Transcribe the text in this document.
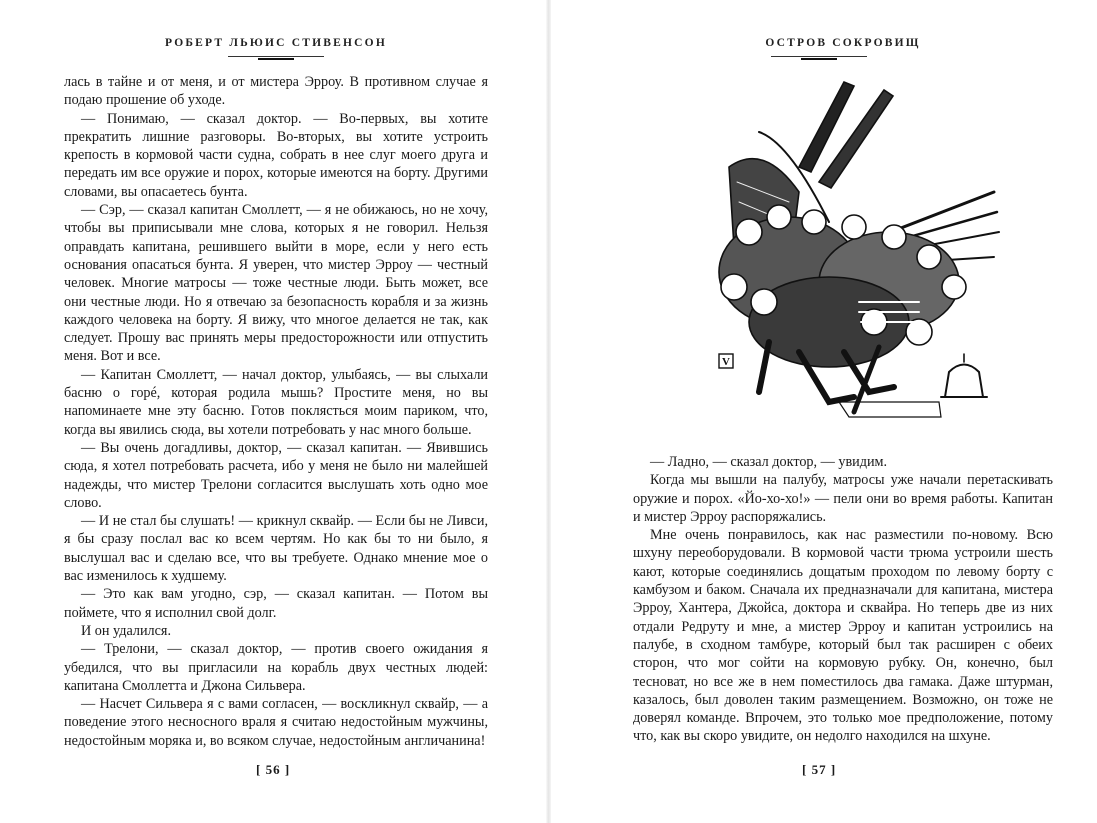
РОБЕРТ ЛЬЮИС СТИВЕНСОН

лась в тайне и от меня, и от мистера Эрроу. В противном случае я подаю прошение об уходе.

— Понимаю, — сказал доктор. — Во-первых, вы хотите прекратить лишние разговоры. Во-вторых, вы хотите устроить крепость в кормовой части судна, собрать в нее слуг моего друга и передать им все оружие и порох, которые имеются на борту. Другими словами, вы опасаетесь бунта.

— Сэр, — сказал капитан Смоллетт, — я не обижаюсь, но не хочу, чтобы вы приписывали мне слова, которых я не говорил. Нельзя оправдать капитана, решившего выйти в море, если у него есть основания опасаться бунта. Я уверен, что мистер Эрроу — честный человек. Многие матросы — тоже честные люди. Быть может, все они честные люди. Но я отвечаю за безопасность корабля и за жизнь каждого человека на борту. Я вижу, что многое делается не так, как следует. Прошу вас принять меры предосторожности или отпустить меня. Вот и все.

— Капитан Смоллетт, — начал доктор, улыбаясь, — вы слыхали басню о горé, которая родила мышь? Простите меня, но вы напоминаете мне эту басню. Готов поклясться моим париком, что, когда вы явились сюда, вы хотели потребовать у нас много больше.

— Вы очень догадливы, доктор, — сказал капитан. — Явившись сюда, я хотел потребовать расчета, ибо у меня не было ни малейшей надежды, что мистер Трелони согласится выслушать хоть одно мое слово.

— И не стал бы слушать! — крикнул сквайр. — Если бы не Ливси, я бы сразу послал вас ко всем чертям. Но как бы то ни было, я выслушал вас и сделаю все, что вы требуете. Однако мнение мое о вас изменилось к худшему.

— Это как вам угодно, сэр, — сказал капитан. — Потом вы поймете, что я исполнил свой долг.

И он удалился.

— Трелони, — сказал доктор, — против своего ожидания я убедился, что вы пригласили на корабль двух честных людей: капитана Смоллетта и Джона Сильвера.

— Насчет Сильвера я с вами согласен, — воскликнул сквайр, — а поведение этого несносного враля я считаю недостойным мужчины, недостойным моряка и, во всяком случае, недостойным англичанина!

[ 56 ]
ОСТРОВ СОКРОВИЩ
V

— Ладно, — сказал доктор, — увидим.

Когда мы вышли на палубу, матросы уже начали перетаскивать оружие и порох. «Йо-хо-хо!» — пели они во время работы. Капитан и мистер Эрроу распоряжались.

Мне очень понравилось, как нас разместили по-новому. Всю шхуну переоборудовали. В кормовой части трюма устроили шесть кают, которые соединялись дощатым проходом по левому борту с камбузом и баком. Сначала их предназначали для капитана, мистера Эрроу, Хантера, Джойса, доктора и сквайра. Но теперь две из них отдали Редруту и мне, а мистер Эрроу и капитан устроились на палубе, в сходном тамбуре, который был так расширен с обеих сторон, что мог сойти на кормовую рубку. Он, конечно, был тесноват, но все же в нем поместилось два гамака. Даже штурман, казалось, был доволен таким размещением. Возможно, он тоже не доверял команде. Впрочем, это только мое предположение, потому что, как вы скоро увидите, он недолго находился на шхуне.

[ 57 ]
